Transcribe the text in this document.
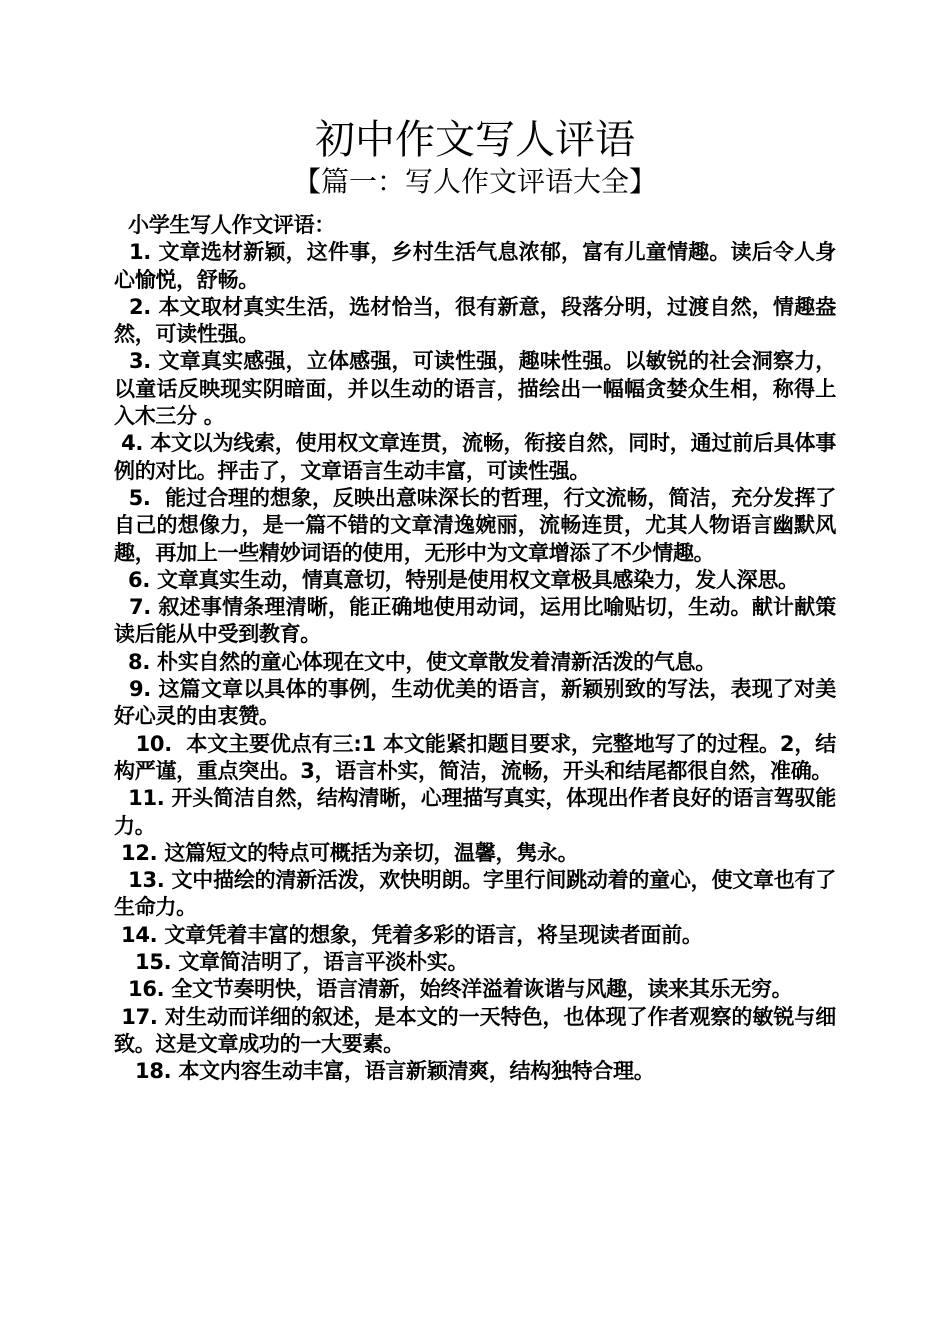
初中作文写人评语
【篇一：写人作文评语大全】

小学生写人作文评语：

1. 文章选材新颖，这件事，乡村生活气息浓郁，富有儿童情趣。读后令人身心愉悦，舒畅。

2. 本文取材真实生活，选材恰当，很有新意，段落分明，过渡自然，情趣盎然，可读性强。

3. 文章真实感强，立体感强，可读性强，趣味性强。以敏锐的社会洞察力，以童话反映现实阴暗面，并以生动的语言，描绘出一幅幅贪婪众生相，称得上入木三分 。

4. 本文以为线索，使用权文章连贯，流畅，衔接自然，同时，通过前后具体事例的对比。抨击了，文章语言生动丰富，可读性强。

5.  能过合理的想象，反映出意味深长的哲理，行文流畅，简洁，充分发挥了自己的想像力，是一篇不错的文章清逸婉丽，流畅连贯，尤其人物语言幽默风趣，再加上一些精妙词语的使用，无形中为文章增添了不少情趣。

6. 文章真实生动，情真意切，特别是使用权文章极具感染力，发人深思。

7. 叙述事情条理清晰，能正确地使用动词，运用比喻贴切，生动。献计献策读后能从中受到教育。

8. 朴实自然的童心体现在文中，使文章散发着清新活泼的气息。

9. 这篇文章以具体的事例，生动优美的语言，新颖别致的写法，表现了对美好心灵的由衷赞。

10.  本文主要优点有三:1 本文能紧扣题目要求，完整地写了的过程。2，结构严谨，重点突出。3，语言朴实，简洁，流畅，开头和结尾都很自然，准确。

11. 开头简洁自然，结构清晰，心理描写真实，体现出作者良好的语言驾驭能力。

12. 这篇短文的特点可概括为亲切，温馨，隽永。

13. 文中描绘的清新活泼，欢快明朗。字里行间跳动着的童心，使文章也有了生命力。

14. 文章凭着丰富的想象，凭着多彩的语言，将呈现读者面前。

15. 文章简洁明了，语言平淡朴实。

16. 全文节奏明快，语言清新，始终洋溢着诙谐与风趣，读来其乐无穷。

17. 对生动而详细的叙述，是本文的一天特色，也体现了作者观察的敏锐与细致。这是文章成功的一大要素。

18. 本文内容生动丰富，语言新颖清爽，结构独特合理。
